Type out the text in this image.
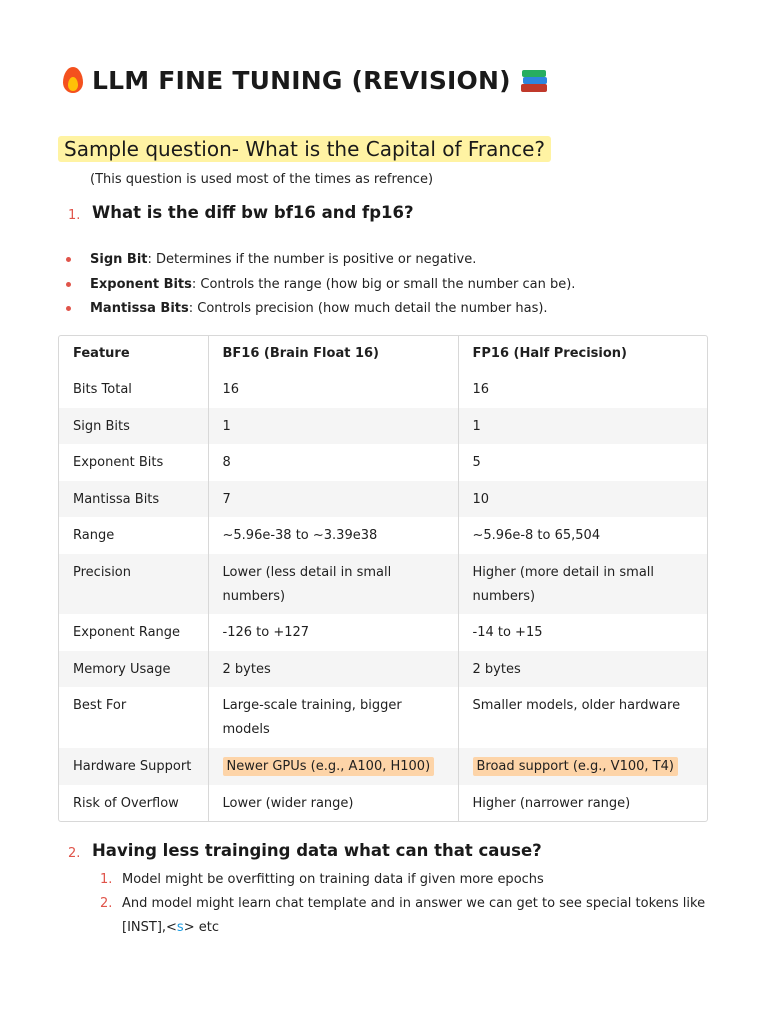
LLM FINE TUNING (REVISION)
Sample question- What is the Capital of France?
(This question is used most of the times as refrence)
1. What is the diff bw bf16 and fp16?
Sign Bit: Determines if the number is positive or negative.
Exponent Bits: Controls the range (how big or small the number can be).
Mantissa Bits: Controls precision (how much detail the number has).
Feature	BF16 (Brain Float 16)	FP16 (Half Precision)
Bits Total	16	16
Sign Bits	1	1
Exponent Bits	8	5
Mantissa Bits	7	10
Range	~5.96e-38 to ~3.39e38	~5.96e-8 to 65,504
Precision	Lower (less detail in small numbers)	Higher (more detail in small numbers)
Exponent Range	-126 to +127	-14 to +15
Memory Usage	2 bytes	2 bytes
Best For	Large-scale training, bigger models	Smaller models, older hardware
Hardware Support	Newer GPUs (e.g., A100, H100)	Broad support (e.g., V100, T4)
Risk of Overflow	Lower (wider range)	Higher (narrower range)
2. Having less trainging data what can that cause?
1. Model might be overfitting on training data if given more epochs
2. And model might learn chat template and in answer we can get to see special tokens like [INST],<s> etc
